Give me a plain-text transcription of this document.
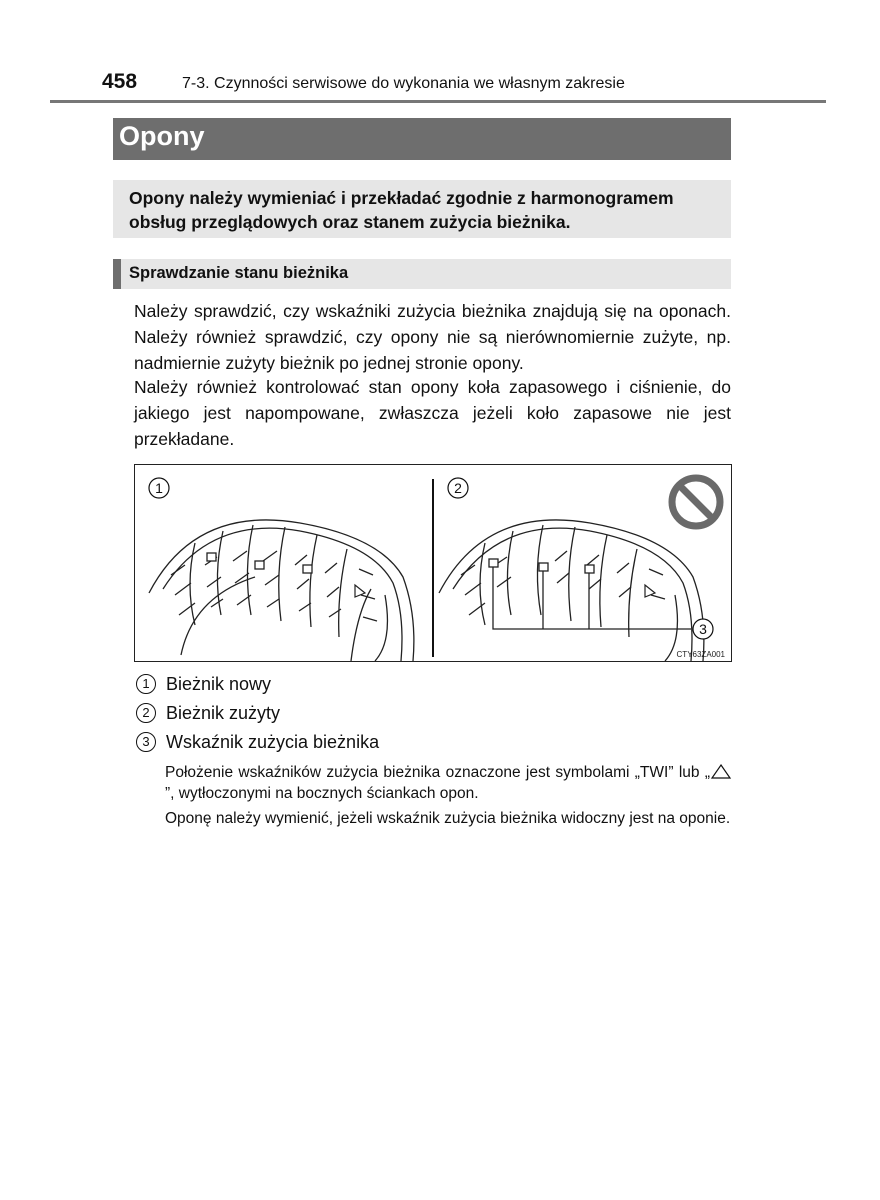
458	7-3. Czynności serwisowe do wykonania we własnym zakresie
Opony
Opony należy wymieniać i przekładać zgodnie z harmonogramem obsług przeglądowych oraz stanem zużycia bieżnika.
Sprawdzanie stanu bieżnika

Należy sprawdzić, czy wskaźniki zużycia bieżnika znajdują się na oponach. Należy również sprawdzić, czy opony nie są nierównomiernie zużyte, np. nadmiernie zużyty bieżnik po jednej stronie opony.

Należy również kontrolować stan opony koła zapasowego i ciśnienie, do jakiego jest napompowane, zwłaszcza jeżeli koło zapasowe nie jest przekładane.

1	2
3
CTY63ZA001
1 Bieżnik nowy
2 Bieżnik zużyty
3 Wskaźnik zużycia bieżnika

Położenie wskaźników zużycia bieżnika oznaczone jest symbolami „TWI” lub „”, wytłoczonymi na bocznych ściankach opon.

Oponę należy wymienić, jeżeli wskaźnik zużycia bieżnika widoczny jest na oponie.
